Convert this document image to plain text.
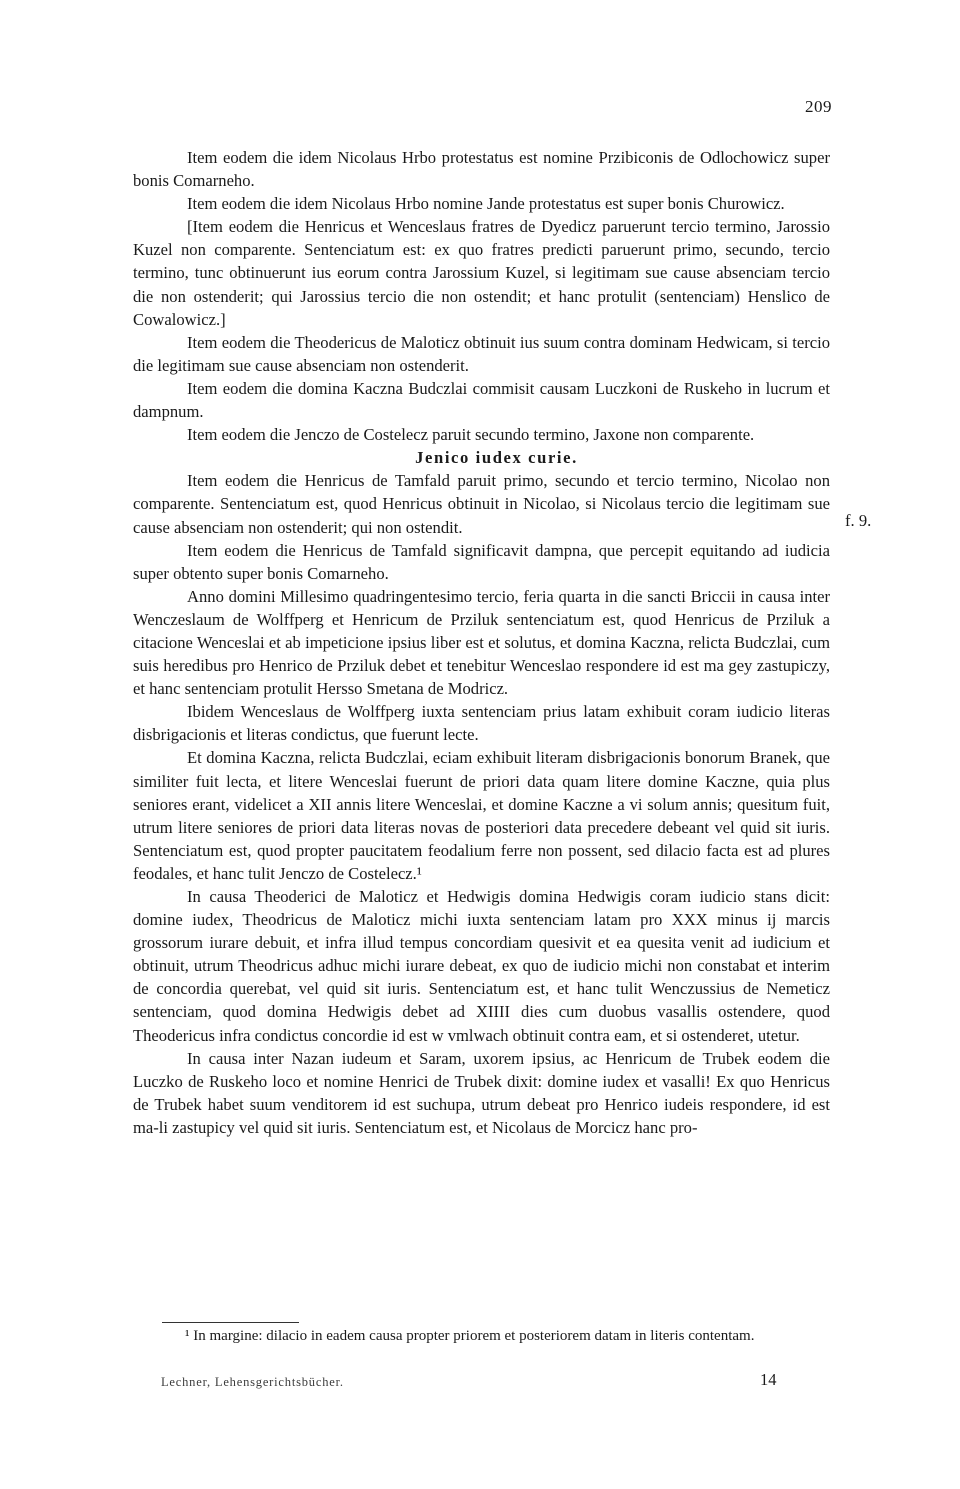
209

Item eodem die idem Nicolaus Hrbo protestatus est nomine Przibiconis de Odlochowicz super bonis Comarneho.

Item eodem die idem Nicolaus Hrbo nomine Jande protestatus est super bonis Churowicz.

[Item eodem die Henricus et Wenceslaus fratres de Dyedicz paruerunt tercio termino, Jarossio Kuzel non comparente. Sentenciatum est: ex quo fratres predicti paruerunt primo, secundo, tercio termino, tunc obtinuerunt ius eorum contra Jarossium Kuzel, si legitimam sue cause absenciam tercio die non ostenderit; qui Jarossius tercio die non ostendit; et hanc protulit (sentenciam) Henslico de Cowalowicz.]

Item eodem die Theodericus de Maloticz obtinuit ius suum contra dominam Hedwicam, si tercio die legitimam sue cause absenciam non ostenderit.

Item eodem die domina Kaczna Budczlai commisit causam Luczkoni de Ruskeho in lucrum et dampnum.

Item eodem die Jenczo de Costelecz paruit secundo termino, Jaxone non comparente.

Jenico iudex curie.

Item eodem die Henricus de Tamfald paruit primo, secundo et tercio termino, Nicolao non comparente. Sentenciatum est, quod Henricus obtinuit in Nicolao, si Nicolaus tercio die legitimam sue cause absenciam non ostenderit; qui non ostendit.

Item eodem die Henricus de Tamfald significavit dampna, que percepit equitando ad iudicia super obtento super bonis Comarneho.

Anno domini Millesimo quadringentesimo tercio, feria quarta in die sancti Briccii in causa inter Wenczeslaum de Wolffperg et Henricum de Prziluk sentenciatum est, quod Henricus de Prziluk a citacione Wenceslai et ab impeticione ipsius liber est et solutus, et domina Kaczna, relicta Budczlai, cum suis heredibus pro Henrico de Prziluk debet et tenebitur Wenceslao respondere id est ma gey zastupiczy, et hanc sentenciam protulit Hersso Smetana de Modricz.

Ibidem Wenceslaus de Wolffperg iuxta sentenciam prius latam exhibuit coram iudicio literas disbrigacionis et literas condictus, que fuerunt lecte.

Et domina Kaczna, relicta Budczlai, eciam exhibuit literam disbrigacionis bonorum Branek, que similiter fuit lecta, et litere Wenceslai fuerunt de priori data quam litere domine Kaczne, quia plus seniores erant, videlicet a XII annis litere Wenceslai, et domine Kaczne a vi solum annis; quesitum fuit, utrum litere seniores de priori data literas novas de posteriori data precedere debeant vel quid sit iuris. Sentenciatum est, quod propter paucitatem feodalium ferre non possent, sed dilacio facta est ad plures feodales, et hanc tulit Jenczo de Costelecz.¹

In causa Theoderici de Maloticz et Hedwigis domina Hedwigis coram iudicio stans dicit: domine iudex, Theodricus de Maloticz michi iuxta sentenciam latam pro XXX minus ij marcis grossorum iurare debuit, et infra illud tempus concordiam quesivit et ea quesita venit ad iudicium et obtinuit, utrum Theodricus adhuc michi iurare debeat, ex quo de iudicio michi non constabat et interim de concordia querebat, vel quid sit iuris. Sentenciatum est, et hanc tulit Wenczussius de Nemeticz sentenciam, quod domina Hedwigis debet ad XIIII dies cum duobus vasallis ostendere, quod Theodericus infra condictus concordie id est w vmlwach obtinuit contra eam, et si ostenderet, utetur.

In causa inter Nazan iudeum et Saram, uxorem ipsius, ac Henricum de Trubek eodem die Luczko de Ruskeho loco et nomine Henrici de Trubek dixit: domine iudex et vasalli! Ex quo Henricus de Trubek habet suum venditorem id est suchupa, utrum debeat pro Henrico iudeis respondere, id est ma-li zastupicy vel quid sit iuris. Sentenciatum est, et Nicolaus de Morcicz hanc pro-

f. 9.

¹ In margine: dilacio in eadem causa propter priorem et posteriorem datam in literis contentam.

Lechner, Lehensgerichtsbücher.	14
